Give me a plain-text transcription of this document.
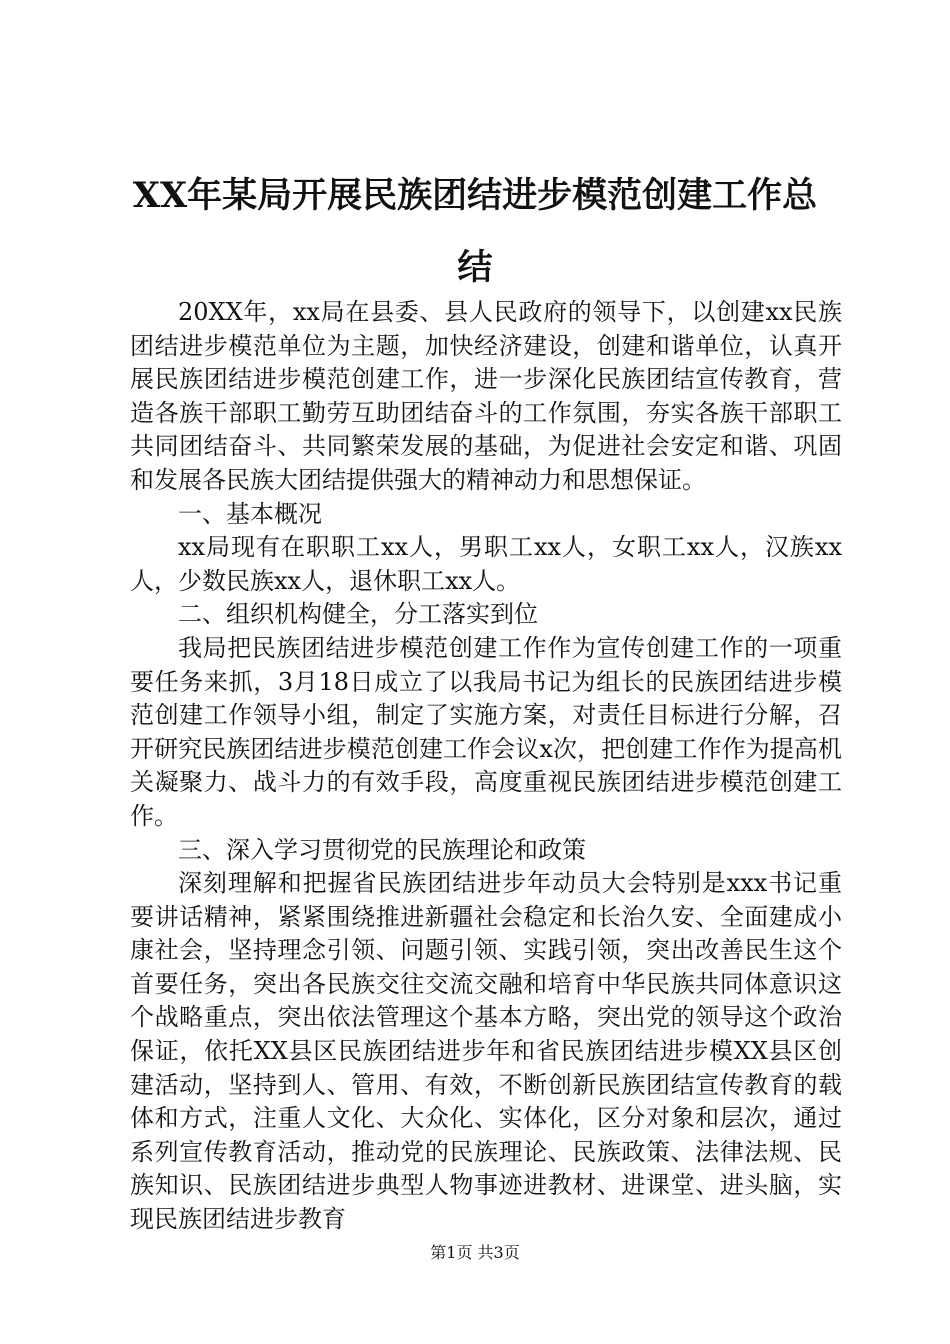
XX年某局开展民族团结进步模范创建工作总结

20XX年，xx局在县委、县人民政府的领导下，以创建xx民族团结进步模范单位为主题，加快经济建设，创建和谐单位，认真开展民族团结进步模范创建工作，进一步深化民族团结宣传教育，营造各族干部职工勤劳互助团结奋斗的工作氛围，夯实各族干部职工共同团结奋斗、共同繁荣发展的基础，为促进社会安定和谐、巩固和发展各民族大团结提供强大的精神动力和思想保证。

一、基本概况

xx局现有在职职工xx人，男职工xx人，女职工xx人，汉族xx人，少数民族xx人，退休职工xx人。

二、组织机构健全，分工落实到位

我局把民族团结进步模范创建工作作为宣传创建工作的一项重要任务来抓，3月18日成立了以我局书记为组长的民族团结进步模范创建工作领导小组，制定了实施方案，对责任目标进行分解，召开研究民族团结进步模范创建工作会议x次，把创建工作作为提高机关凝聚力、战斗力的有效手段，高度重视民族团结进步模范创建工作。

三、深入学习贯彻党的民族理论和政策

深刻理解和把握省民族团结进步年动员大会特别是xxx书记重要讲话精神，紧紧围绕推进新疆社会稳定和长治久安、全面建成小康社会，坚持理念引领、问题引领、实践引领，突出改善民生这个首要任务，突出各民族交往交流交融和培育中华民族共同体意识这个战略重点，突出依法管理这个基本方略，突出党的领导这个政治保证，依托XX县区民族团结进步年和省民族团结进步模XX县区创建活动，坚持到人、管用、有效，不断创新民族团结宣传教育的载体和方式，注重人文化、大众化、实体化，区分对象和层次，通过系列宣传教育活动，推动党的民族理论、民族政策、法律法规、民族知识、民族团结进步典型人物事迹进教材、进课堂、进头脑，实现民族团结进步教育

第1页 共3页
